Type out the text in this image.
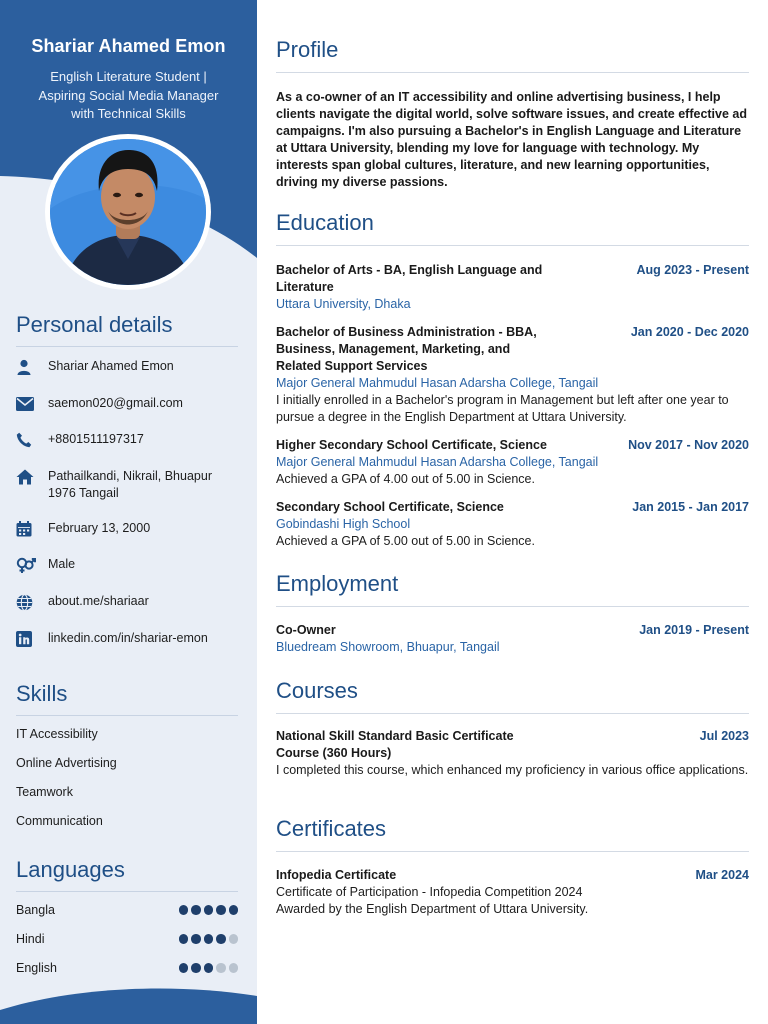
Shariar Ahamed Emon
English Literature Student |
Aspiring Social Media Manager
with Technical Skills
Personal details
Shariar Ahamed Emon
saemon020@gmail.com
+8801511197317
Pathailkandi, Nikrail, Bhuapur
1976 Tangail
February 13, 2000
Male
about.me/shariaar
linkedin.com/in/shariar-emon
Skills
IT Accessibility
Online Advertising
Teamwork
Communication
Languages
Bangla
Hindi
English
Profile
As a co-owner of an IT accessibility and online advertising business, I help clients navigate the digital world, solve software issues, and create effective ad campaigns. I'm also pursuing a Bachelor's in English Language and Literature at Uttara University, blending my love for language with technology. My interests span global cultures, literature, and new learning opportunities, driving my diverse passions.
Education
Bachelor of Arts - BA, English Language and
Literature
Aug 2023 - Present
Uttara University, Dhaka
Bachelor of Business Administration - BBA,
Business, Management, Marketing, and
Related Support Services
Jan 2020 - Dec 2020
Major General Mahmudul Hasan Adarsha College, Tangail
I initially enrolled in a Bachelor's program in Management but left after one year to pursue a degree in the English Department at Uttara University.
Higher Secondary School Certificate, Science	Nov 2017 - Nov 2020
Major General Mahmudul Hasan Adarsha College, Tangail
Achieved a GPA of 4.00 out of 5.00 in Science.
Secondary School Certificate, Science	Jan 2015 - Jan 2017
Gobindashi High School
Achieved a GPA of 5.00 out of 5.00 in Science.
Employment
Co-Owner	Jan 2019 - Present
Bluedream Showroom, Bhuapur, Tangail
Courses
National Skill Standard Basic Certificate
Course (360 Hours)
Jul 2023
I completed this course, which enhanced my proficiency in various office applications.
Certificates
Infopedia Certificate	Mar 2024
Certificate of Participation - Infopedia Competition 2024
Awarded by the English Department of Uttara University.
